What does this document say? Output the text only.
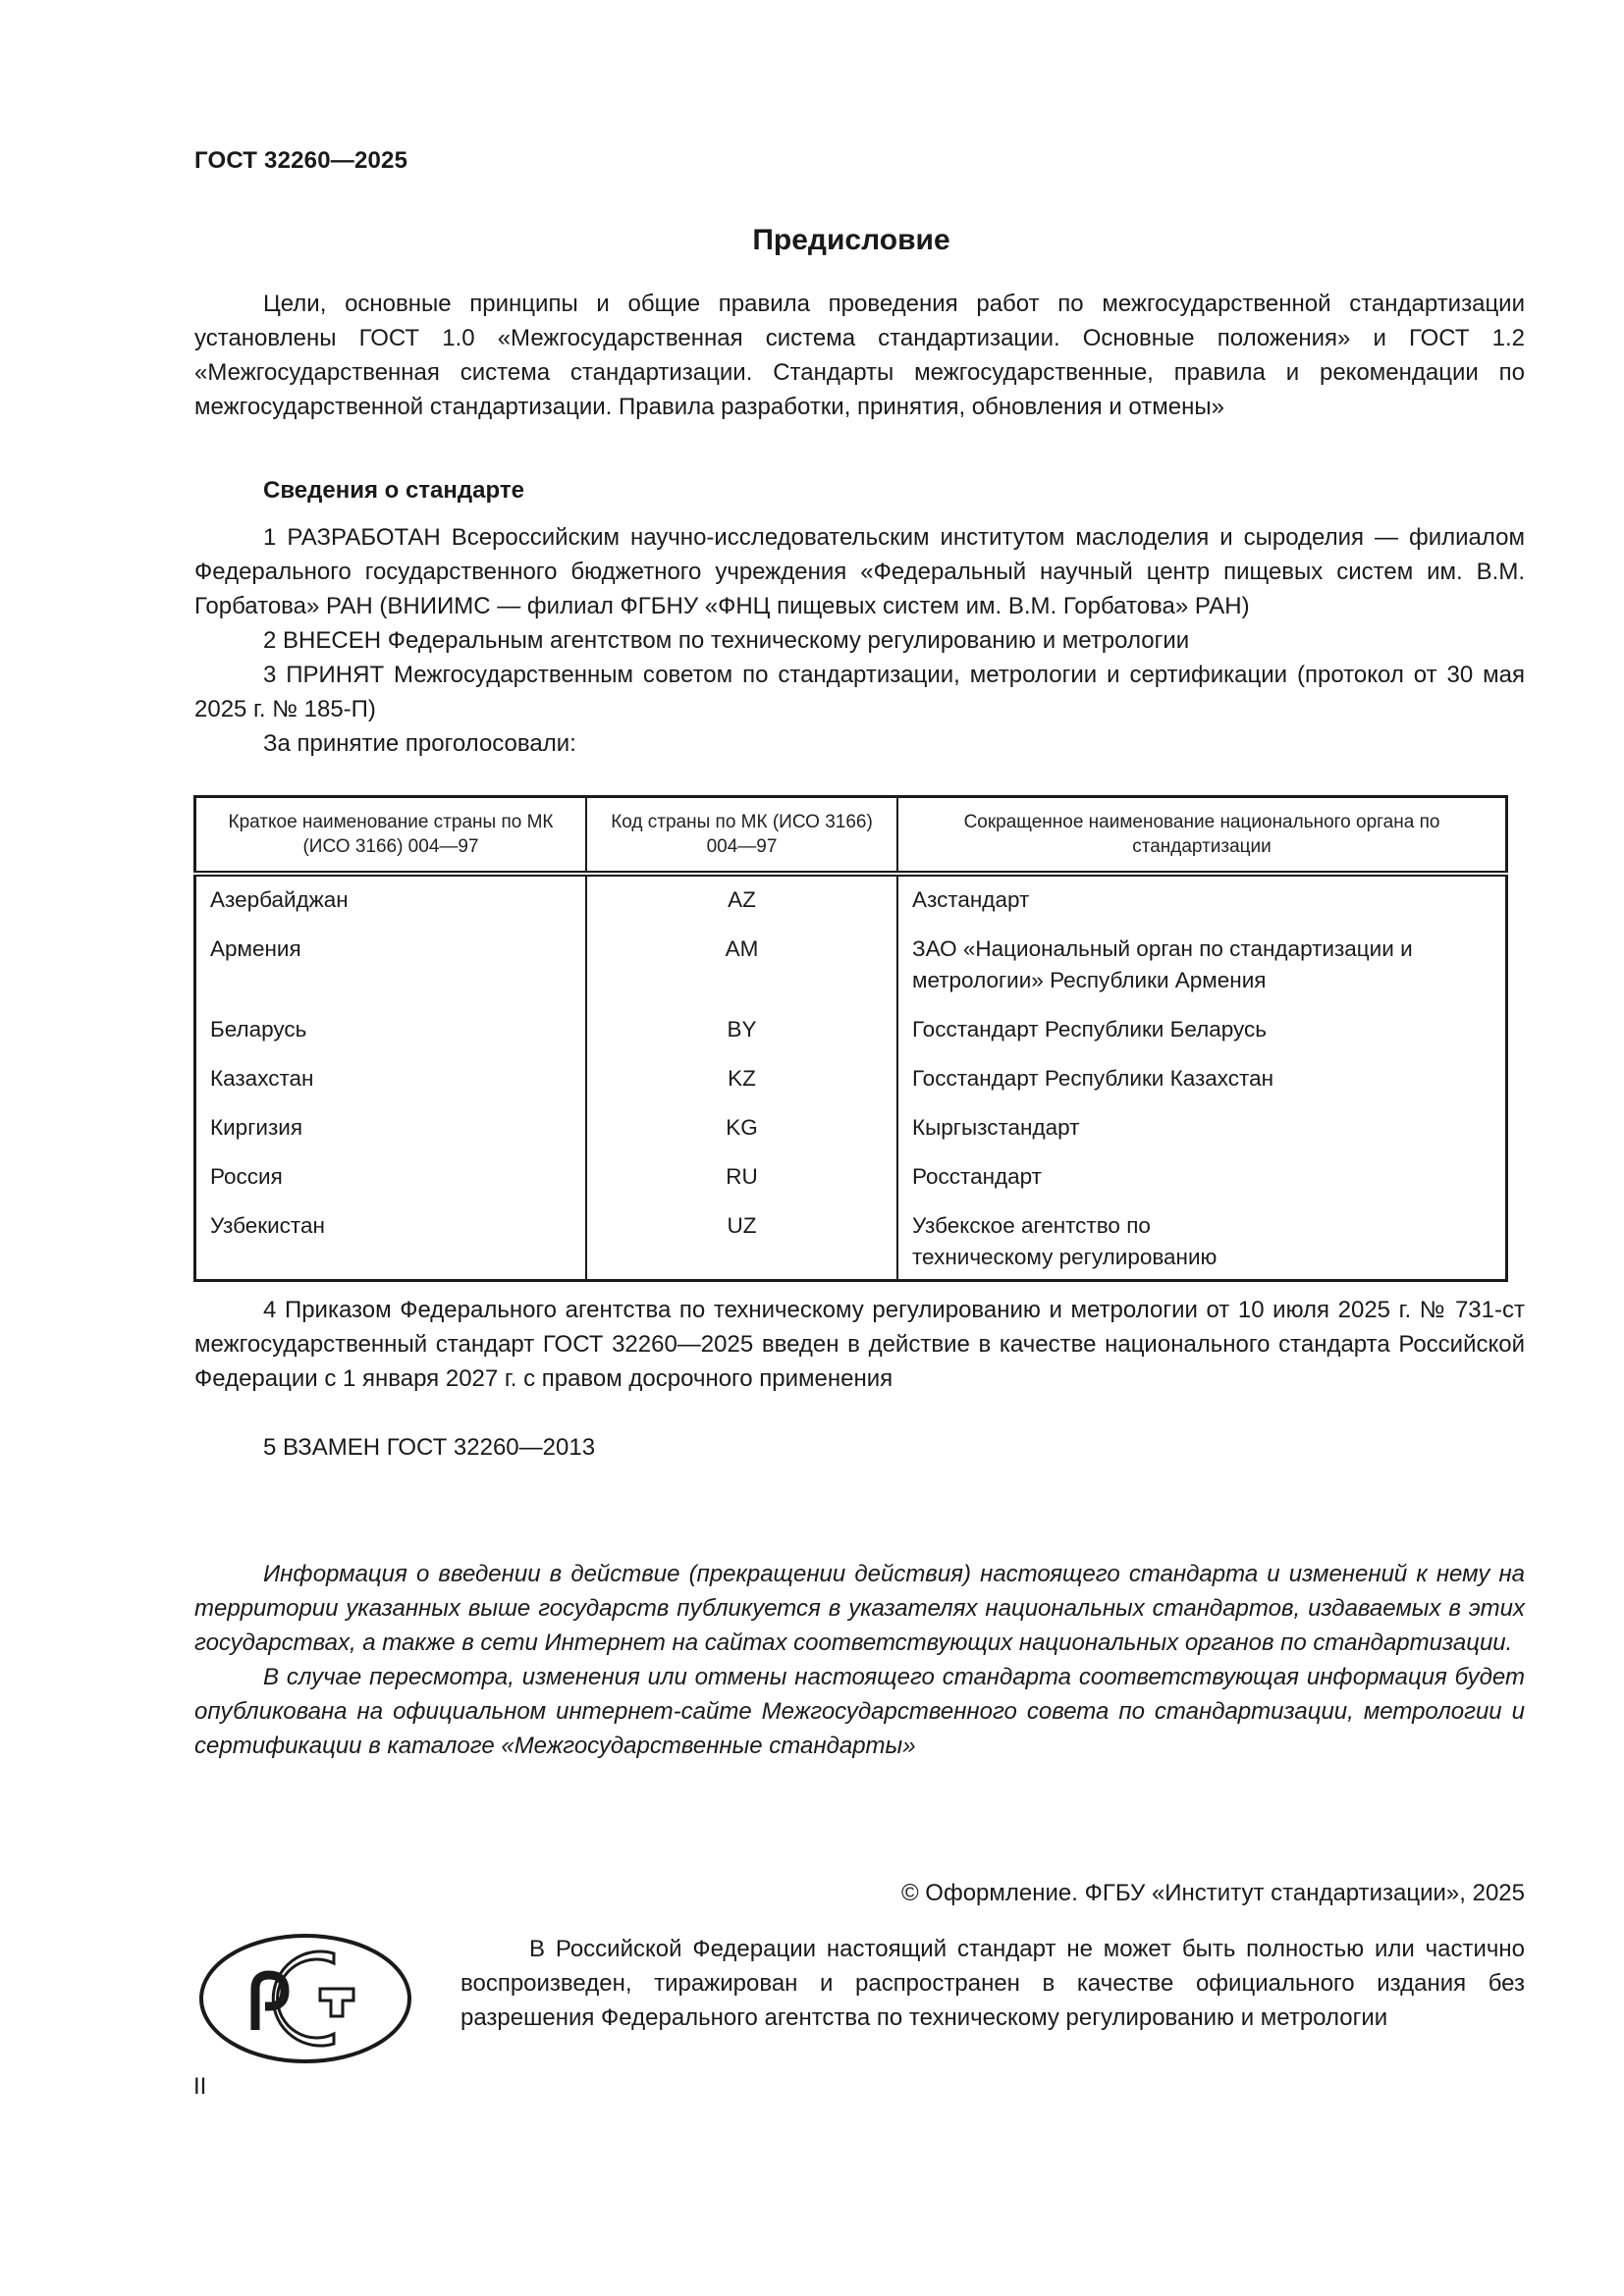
ГОСТ 32260—2025
Предисловие

Цели, основные принципы и общие правила проведения работ по межгосударственной стандартизации установлены ГОСТ 1.0 «Межгосударственная система стандартизации. Основные положения» и ГОСТ 1.2 «Межгосударственная система стандартизации. Стандарты межгосударственные, правила и рекомендации по межгосударственной стандартизации. Правила разработки, принятия, обновления и отмены»

Сведения о стандарте

1 РАЗРАБОТАН Всероссийским научно-исследовательским институтом маслоделия и сыроделия — филиалом Федерального государственного бюджетного учреждения «Федеральный научный центр пищевых систем им. В.М. Горбатова» РАН (ВНИИМС — филиал ФГБНУ «ФНЦ пищевых систем им. В.М. Горбатова» РАН)

2 ВНЕСЕН Федеральным агентством по техническому регулированию и метрологии

3 ПРИНЯТ Межгосударственным советом по стандартизации, метрологии и сертификации (протокол от 30 мая 2025 г. № 185-П)

За принятие проголосовали:

Краткое наименование страны по МК (ИСО 3166) 004—97	Код страны по МК (ИСО 3166) 004—97	Сокращенное наименование национального органа по стандартизации
Азербайджан	AZ	Азстандарт
Армения	AM	ЗАО «Национальный орган по стандартизации и метрологии» Республики Армения
Беларусь	BY	Госстандарт Республики Беларусь
Казахстан	KZ	Госстандарт Республики Казахстан
Киргизия	KG	Кыргызстандарт
Россия	RU	Росстандарт
Узбекистан	UZ	Узбекское агентство по техническому регулированию

4 Приказом Федерального агентства по техническому регулированию и метрологии от 10 июля 2025 г. № 731-ст межгосударственный стандарт ГОСТ 32260—2025 введен в действие в качестве национального стандарта Российской Федерации с 1 января 2027 г. с правом досрочного применения

5 ВЗАМЕН ГОСТ 32260—2013

Информация о введении в действие (прекращении действия) настоящего стандарта и изменений к нему на территории указанных выше государств публикуется в указателях национальных стандартов, издаваемых в этих государствах, а также в сети Интернет на сайтах соответствующих национальных органов по стандартизации.

В случае пересмотра, изменения или отмены настоящего стандарта соответствующая информация будет опубликована на официальном интернет-сайте Межгосударственного совета по стандартизации, метрологии и сертификации в каталоге «Межгосударственные стандарты»

© Оформление. ФГБУ «Институт стандартизации», 2025

В Российской Федерации настоящий стандарт не может быть полностью или частично воспроизведен, тиражирован и распространен в качестве официального издания без разрешения Федерального агентства по техническому регулированию и метрологии

II
